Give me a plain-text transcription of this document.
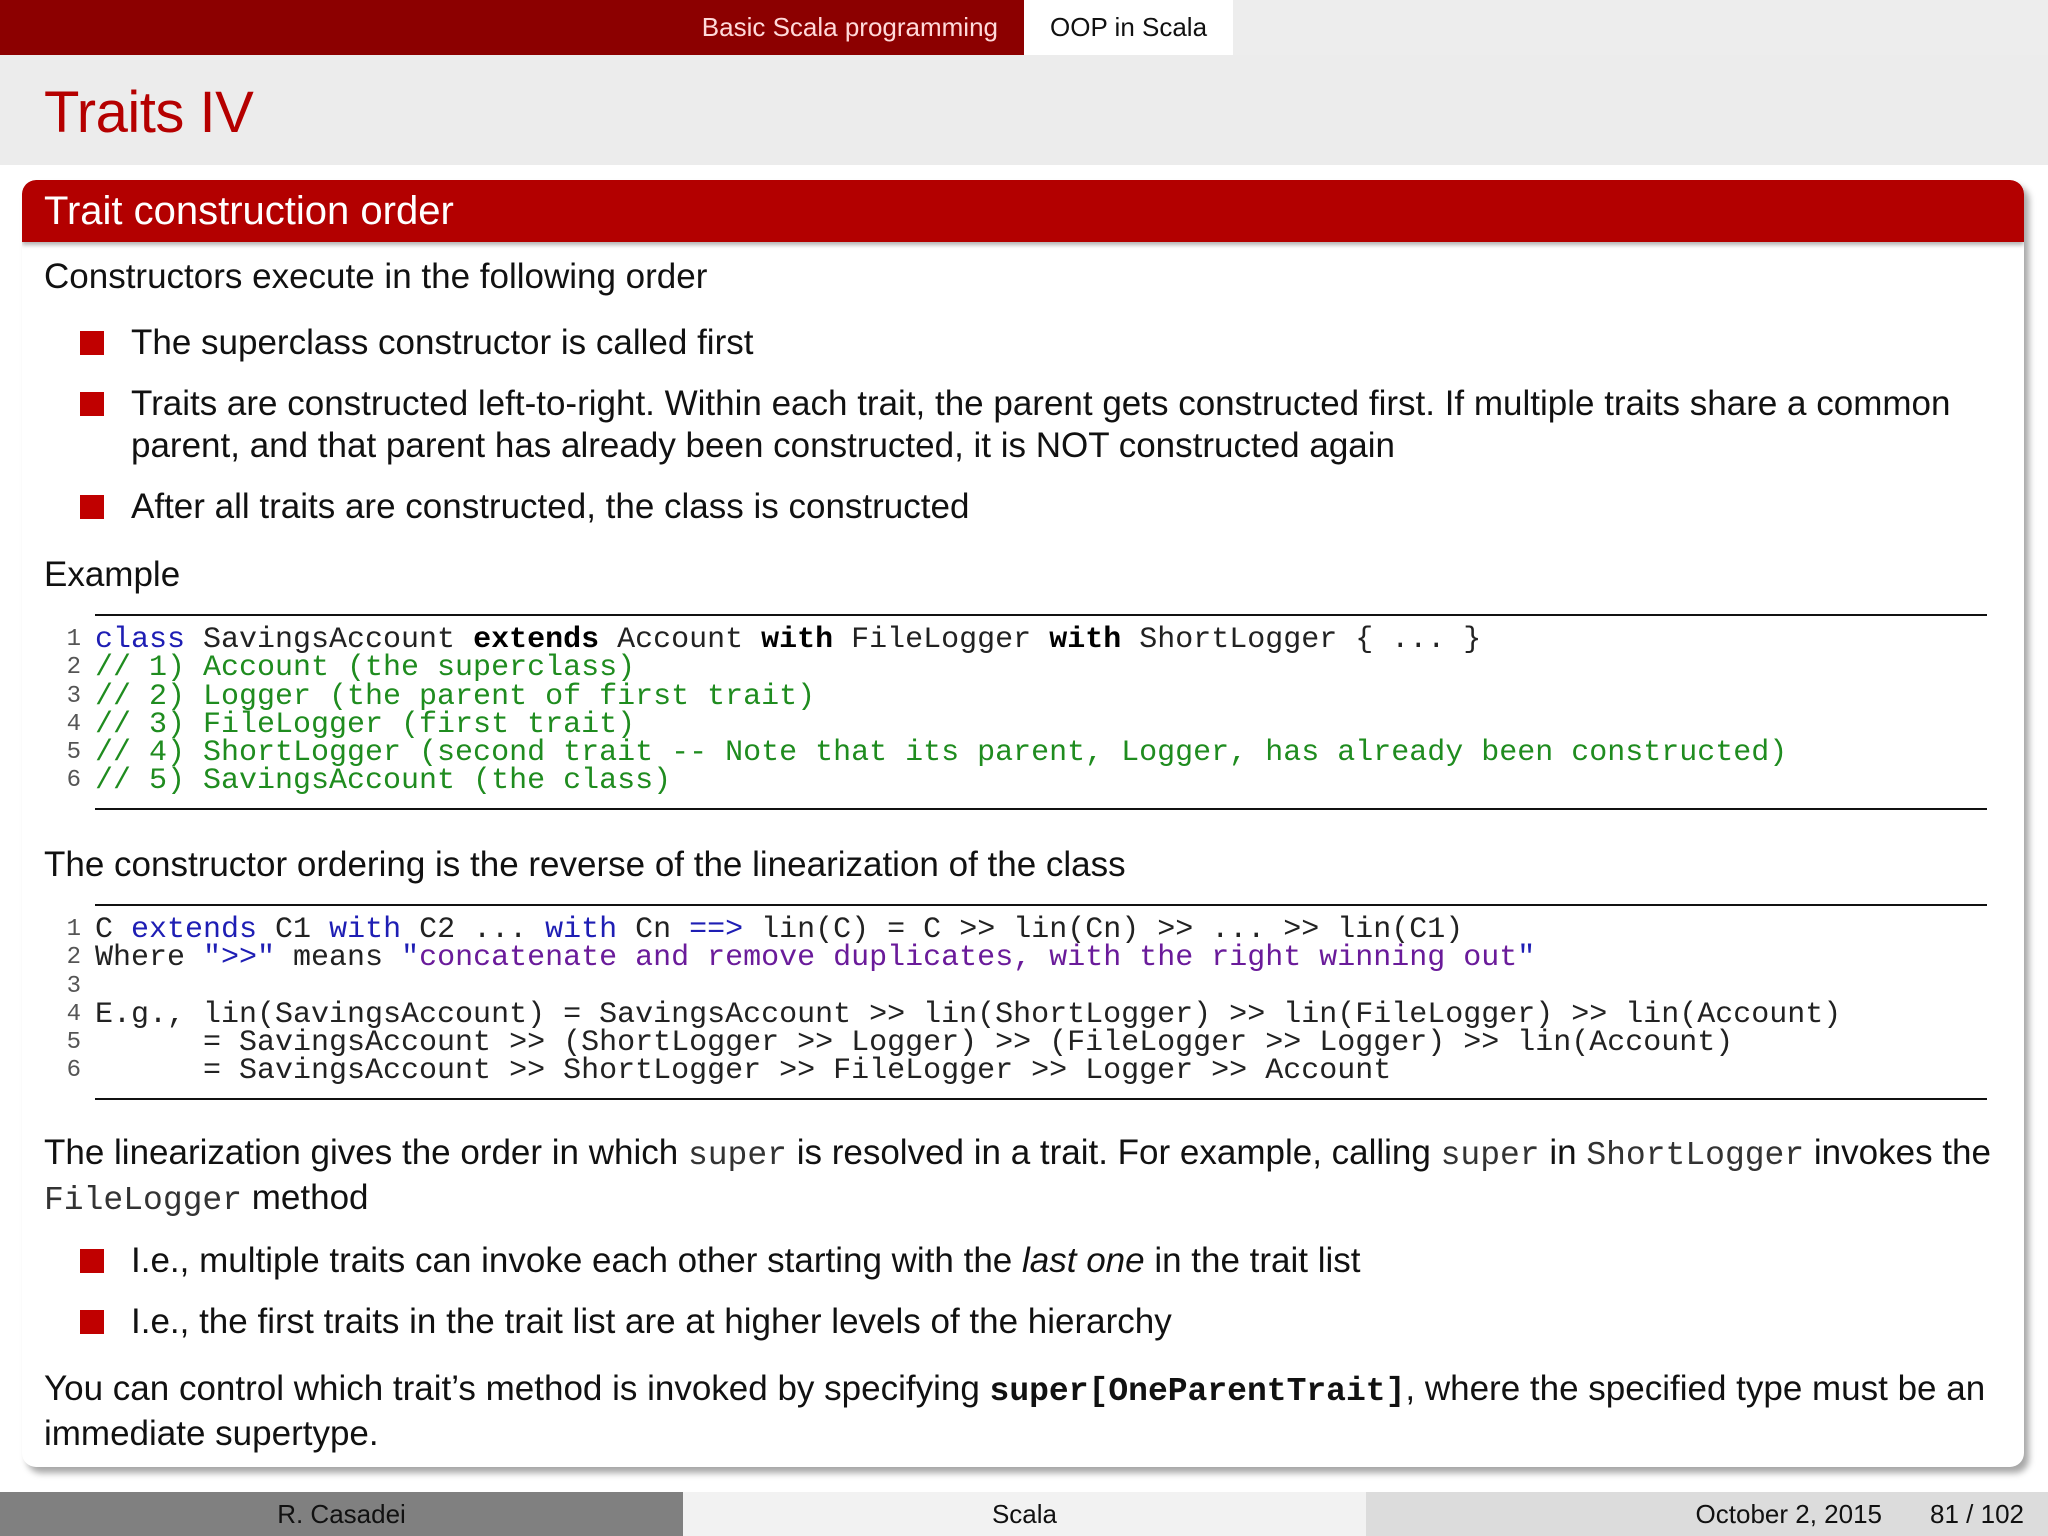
Basic Scala programming	OOP in Scala
Traits IV
Trait construction order

Constructors execute in the following order

The superclass constructor is called first
Traits are constructed left-to-right. Within each trait, the parent gets constructed first. If multiple traits share a common parent, and that parent has already been constructed, it is NOT constructed again
After all traits are constructed, the class is constructed

Example

1 class SavingsAccount extends Account with FileLogger with ShortLogger { ... }
2 // 1) Account (the superclass)
3 // 2) Logger (the parent of first trait)
4 // 3) FileLogger (first trait)
5 // 4) ShortLogger (second trait -- Note that its parent, Logger, has already been constructed)
6 // 5) SavingsAccount (the class)

The constructor ordering is the reverse of the linearization of the class

1 C extends C1 with C2 ... with Cn ==> lin(C) = C >> lin(Cn) >> ... >> lin(C1)
2 Where ">>" means "concatenate and remove duplicates, with the right winning out"
3
4 E.g., lin(SavingsAccount) = SavingsAccount >> lin(ShortLogger) >> lin(FileLogger) >> lin(Account)
5 = SavingsAccount >> (ShortLogger >> Logger) >> (FileLogger >> Logger) >> lin(Account)
6 = SavingsAccount >> ShortLogger >> FileLogger >> Logger >> Account

The linearization gives the order in which super is resolved in a trait. For example, calling super in ShortLogger invokes the FileLogger method

I.e., multiple traits can invoke each other starting with the last one in the trait list
I.e., the first traits in the trait list are at higher levels of the hierarchy

You can control which trait’s method is invoked by specifying super[OneParentTrait], where the specified type must be an immediate supertype.

R. Casadei	Scala	October 2, 2015 81 / 102
